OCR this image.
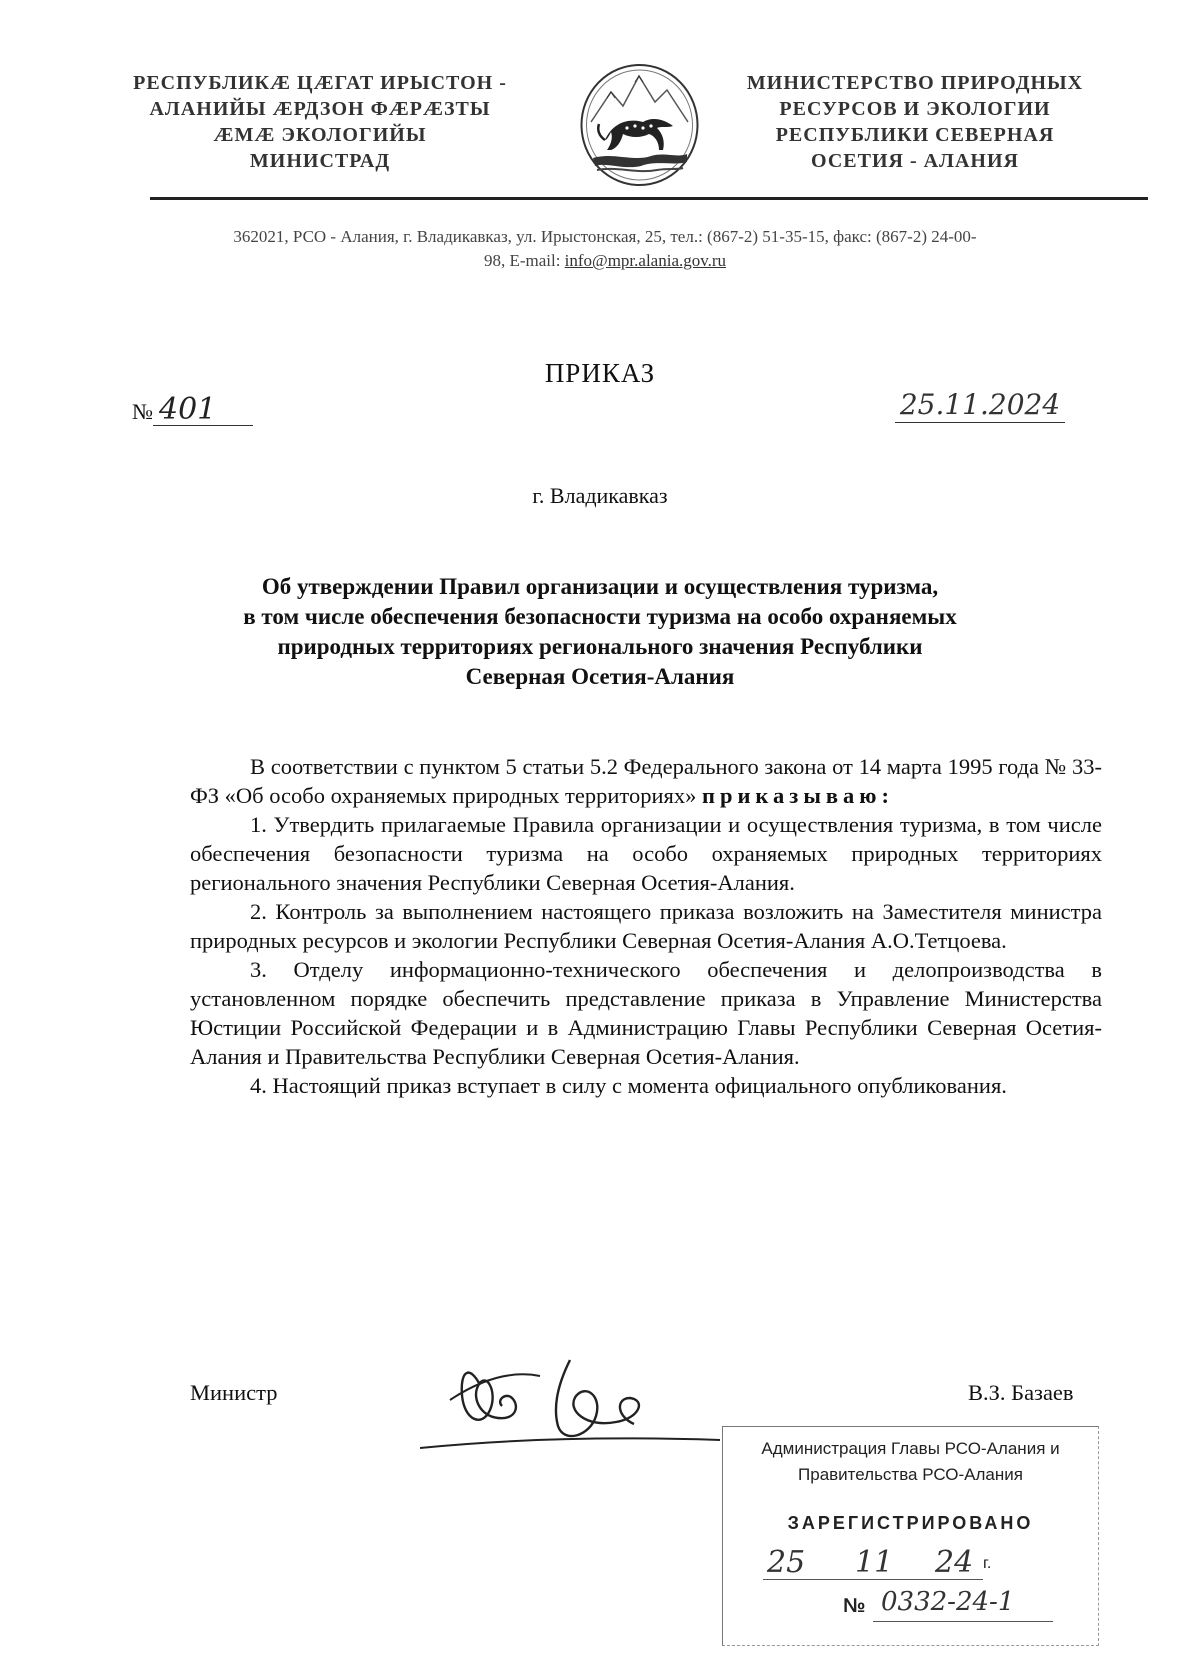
РЕСПУБЛИКӔ ЦӔГАТ ИРЫСТОН -
АЛАНИЙЫ ӔРДЗОН ФӔРӔЗТЫ
ӔМӔ ЭКОЛОГИЙЫ
МИНИСТРАД
МИНИСТЕРСТВО ПРИРОДНЫХ
РЕСУРСОВ И ЭКОЛОГИИ
РЕСПУБЛИКИ СЕВЕРНАЯ
ОСЕТИЯ - АЛАНИЯ
362021, РСО - Алания, г. Владикавказ, ул. Ирыстонская, 25, тел.: (867-2) 51-35-15, факс: (867-2) 24-00-
98, E-mail: info@mpr.alania.gov.ru
ПРИКАЗ
№ 401	25.11.2024
г. Владикавказ
Об утверждении Правил организации и осуществления туризма,
в том числе обеспечения безопасности туризма на особо охраняемых
природных территориях регионального значения Республики
Северная Осетия-Алания

В соответствии с пунктом 5 статьи 5.2 Федерального закона от 14 марта 1995 года № 33-ФЗ «Об особо охраняемых природных территориях» приказываю:

1. Утвердить прилагаемые Правила организации и осуществления туризма, в том числе обеспечения безопасности туризма на особо охраняемых природных территориях регионального значения Республики Северная Осетия-Алания.

2. Контроль за выполнением настоящего приказа возложить на Заместителя министра природных ресурсов и экологии Республики Северная Осетия-Алания А.О.Тетцоева.

3. Отделу информационно-технического обеспечения и делопроизводства в установленном порядке обеспечить представление приказа в Управление Министерства Юстиции Российской Федерации и в Администрацию Главы Республики Северная Осетия-Алания и Правительства Республики Северная Осетия-Алания.

4. Настоящий приказ вступает в силу с момента официального опубликования.

Министр	В.З. Базаев
Администрация Главы РСО-Алания и
Правительства РСО-Алания
ЗАРЕГИСТРИРОВАНО
25 11 24 г.
№ 0332-24-1
